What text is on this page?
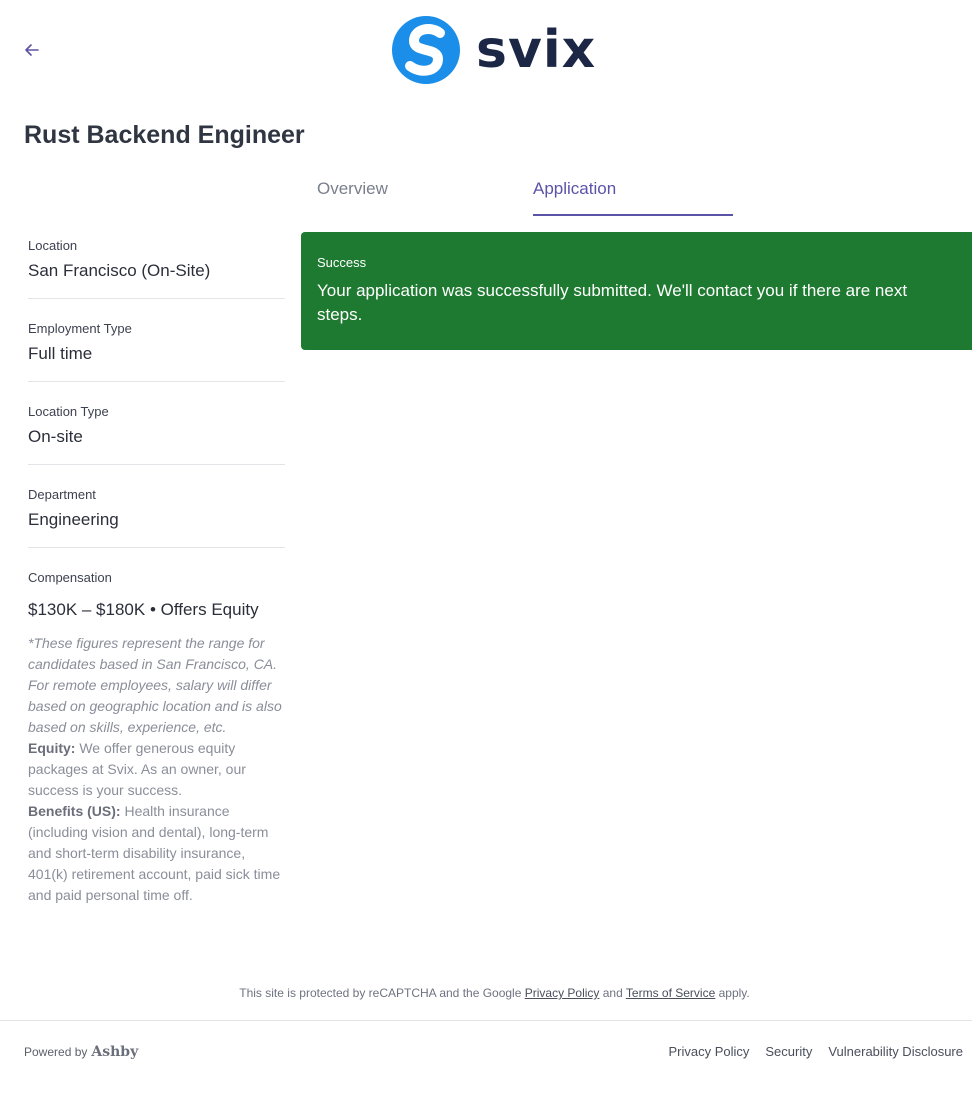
svix
Rust Backend Engineer
Overview	Application
Location
San Francisco (On-Site)
Employment Type
Full time
Location Type
On-site
Department
Engineering
Compensation
$130K – $180K • Offers Equity
*These figures represent the range for candidates based in San Francisco, CA. For remote employees, salary will differ based on geographic location and is also based on skills, experience, etc.
Equity: We offer generous equity packages at Svix. As an owner, our success is your success.
Benefits (US): Health insurance (including vision and dental), long-term and short-term disability insurance, 401(k) retirement account, paid sick time and paid personal time off.
Success
Your application was successfully submitted. We'll contact you if there are next steps.
This site is protected by reCAPTCHA and the Google Privacy Policy and Terms of Service apply.
Powered by Ashby	Privacy Policy Security Vulnerability Disclosure
